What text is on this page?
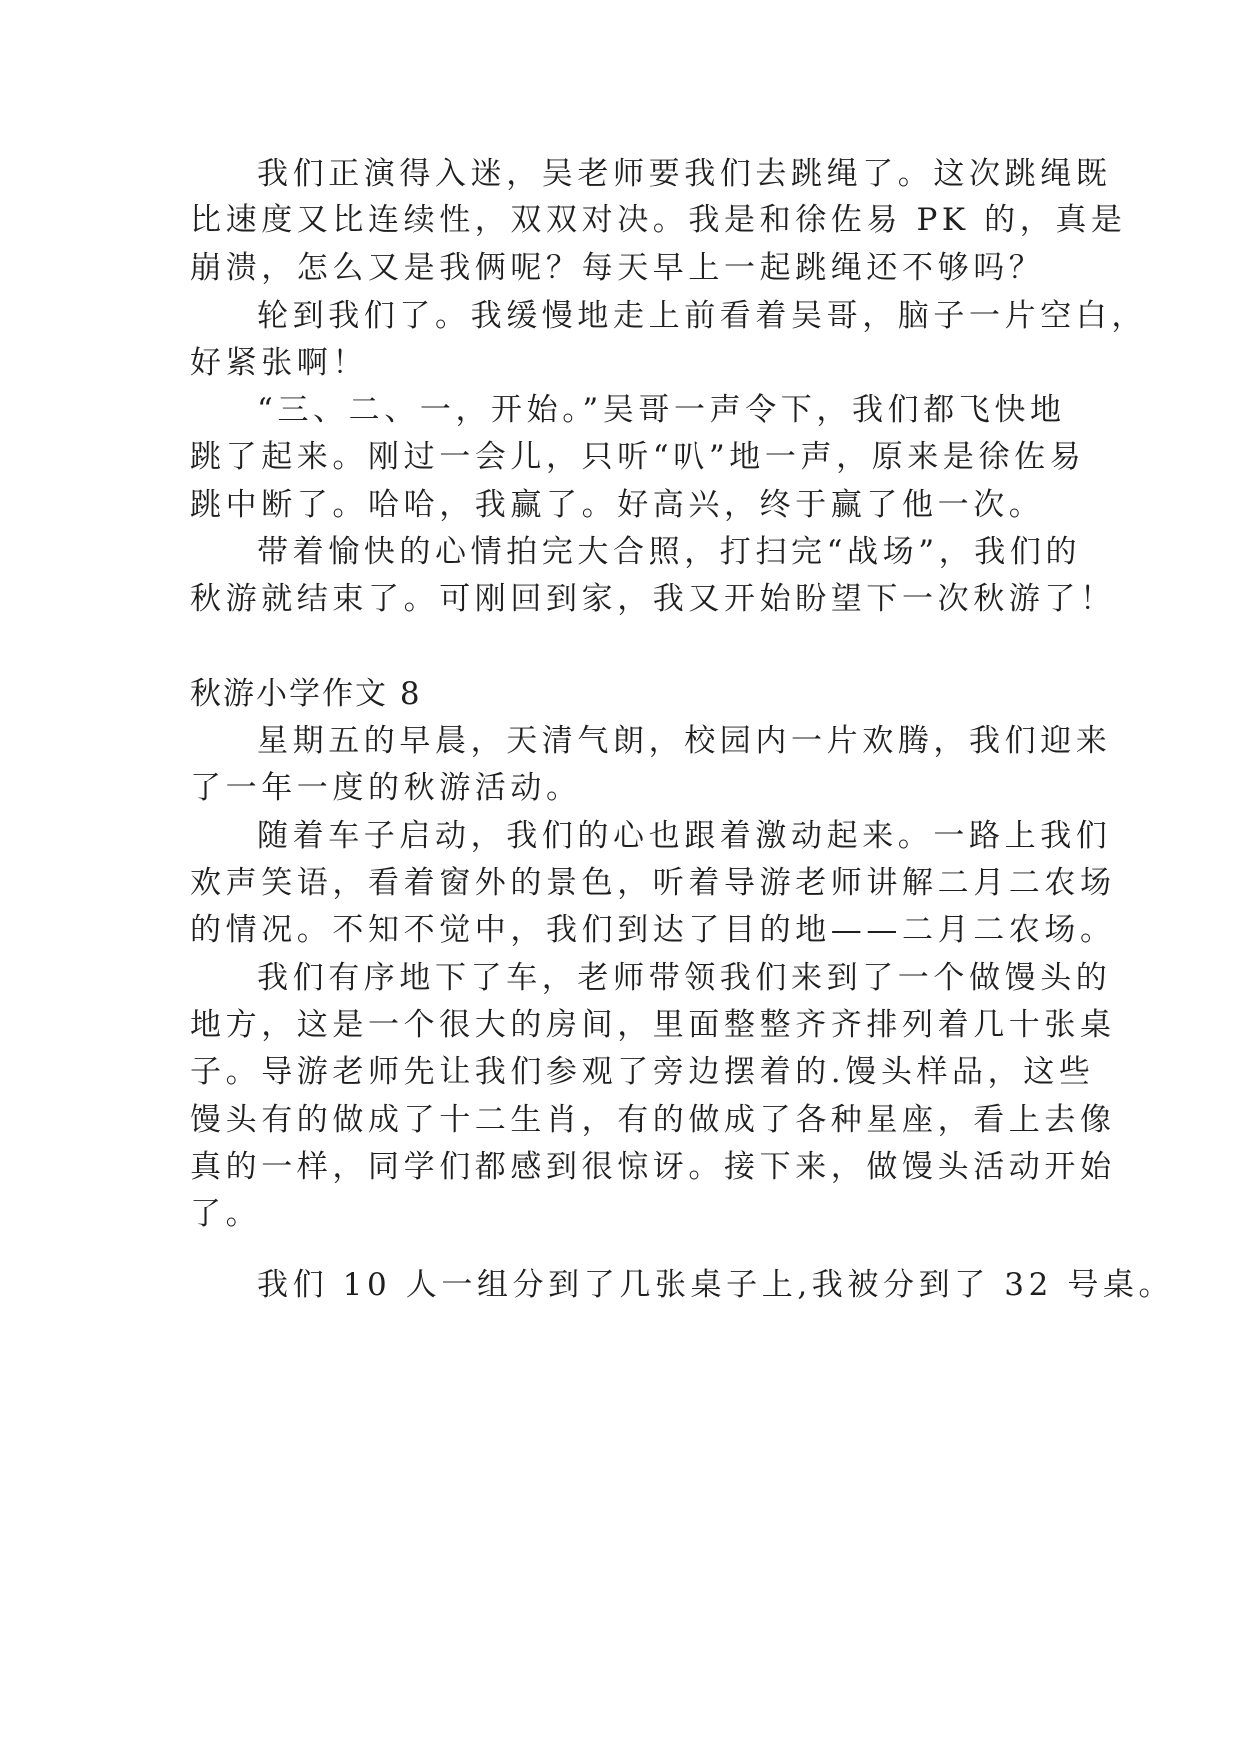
我们正演得入迷，吴老师要我们去跳绳了。这次跳绳既
比速度又比连续性，双双对决。我是和徐佐易 PK 的，真是
崩溃，怎么又是我俩呢？每天早上一起跳绳还不够吗？
轮到我们了。我缓慢地走上前看着吴哥，脑子一片空白，
好紧张啊！
“三、二、一，开始。”吴哥一声令下，我们都飞快地
跳了起来。刚过一会儿，只听“叭”地一声，原来是徐佐易
跳中断了。哈哈，我赢了。好高兴，终于赢了他一次。
带着愉快的心情拍完大合照，打扫完“战场”，我们的
秋游就结束了。可刚回到家，我又开始盼望下一次秋游了！
秋游小学作文 8
星期五的早晨，天清气朗，校园内一片欢腾，我们迎来
了一年一度的秋游活动。
随着车子启动，我们的心也跟着激动起来。一路上我们
欢声笑语，看着窗外的景色，听着导游老师讲解二月二农场
的情况。不知不觉中，我们到达了目的地——二月二农场。
我们有序地下了车，老师带领我们来到了一个做馒头的
地方，这是一个很大的房间，里面整整齐齐排列着几十张桌
子。导游老师先让我们参观了旁边摆着的.馒头样品，这些
馒头有的做成了十二生肖，有的做成了各种星座，看上去像
真的一样，同学们都感到很惊讶。接下来，做馒头活动开始
了。
我们 10 人一组分到了几张桌子上,我被分到了 32 号桌。
